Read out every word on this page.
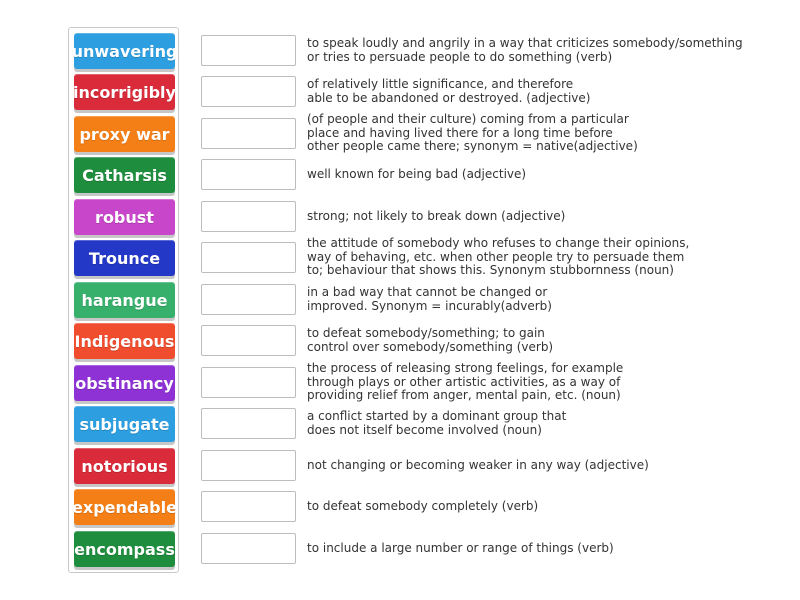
unwavering
incorrigibly
proxy war
Catharsis
robust
Trounce
harangue
Indigenous
obstinancy
subjugate
notorious
expendable
encompass
to speak loudly and angrily in a way that criticizes somebody/something
or tries to persuade people to do something (verb)
of relatively little significance, and therefore
able to be abandoned or destroyed. (adjective)
(of people and their culture) coming from a particular
place and having lived there for a long time before
other people came there; synonym = native(adjective)
well known for being bad (adjective)
strong; not likely to break down (adjective)
the attitude of somebody who refuses to change their opinions,
way of behaving, etc. when other people try to persuade them
to; behaviour that shows this. Synonym stubbornness (noun)
in a bad way that cannot be changed or
improved. Synonym = incurably(adverb)
to defeat somebody/something; to gain
control over somebody/something (verb)
the process of releasing strong feelings, for example
through plays or other artistic activities, as a way of
providing relief from anger, mental pain, etc. (noun)
a conflict started by a dominant group that
does not itself become involved (noun)
not changing or becoming weaker in any way (adjective)
to defeat somebody completely (verb)
to include a large number or range of things (verb)
